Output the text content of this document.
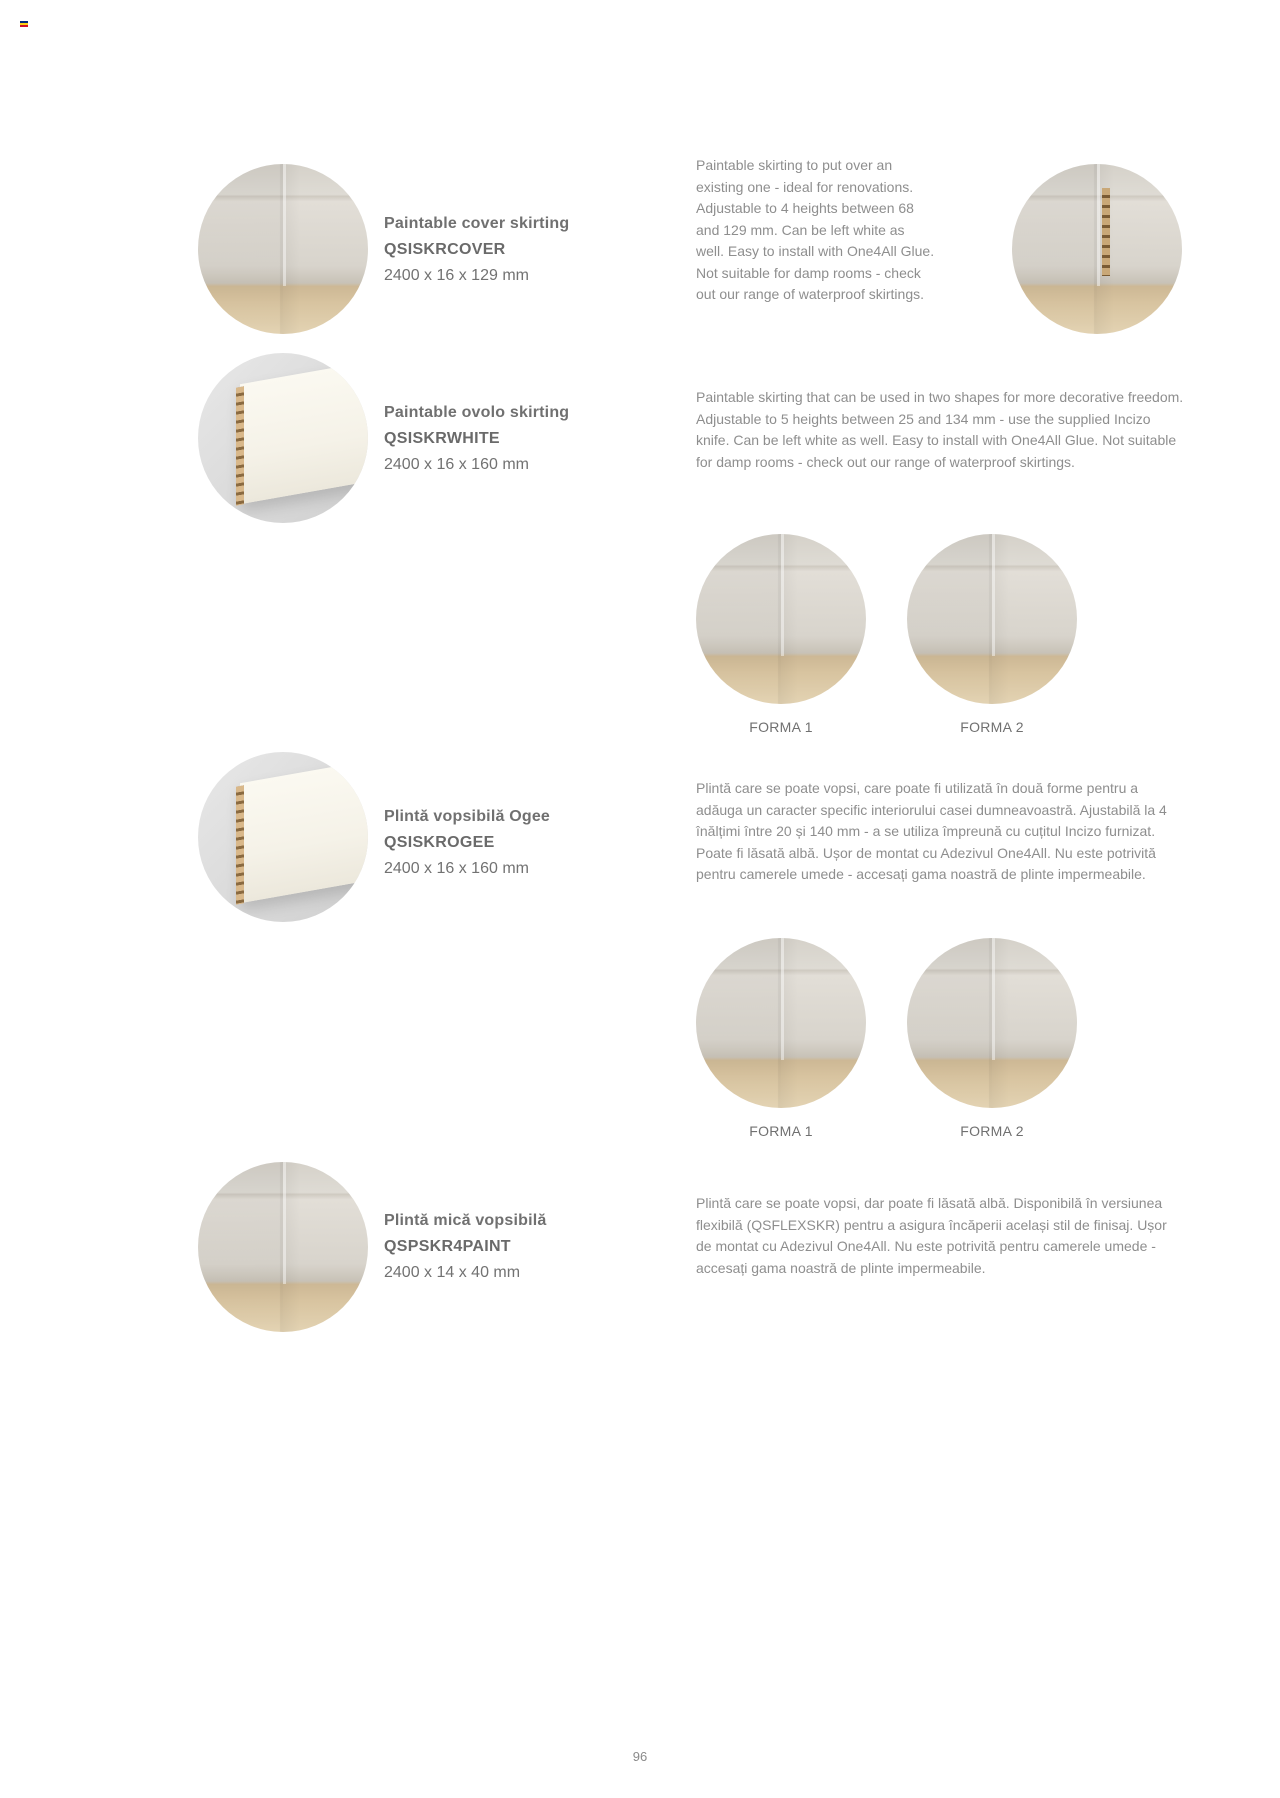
Paintable cover skirting
QSISKRCOVER
2400 x 16 x 129 mm

Paintable skirting to put over an existing one - ideal for renovations. Adjustable to 4 heights between 68 and 129 mm. Can be left white as well. Easy to install with One4All Glue. Not suitable for damp rooms - check out our range of waterproof skirtings.

Paintable ovolo skirting
QSISKRWHITE
2400 x 16 x 160 mm

Paintable skirting that can be used in two shapes for more decorative freedom. Adjustable to 5 heights between 25 and 134 mm - use the supplied Incizo knife. Can be left white as well. Easy to install with One4All Glue. Not suitable for damp rooms - check out our range of waterproof skirtings.

FORMA 1	FORMA 2
Plintă vopsibilă Ogee
QSISKROGEE
2400 x 16 x 160 mm

Plintă care se poate vopsi, care poate fi utilizată în două forme pentru a adăuga un caracter specific interiorului casei dumneavoastră. Ajustabilă la 4 înălțimi între 20 și 140 mm - a se utiliza împreună cu cuțitul Incizo furnizat. Poate fi lăsată albă. Ușor de montat cu Adezivul One4All. Nu este potrivită pentru camerele umede - accesați gama noastră de plinte impermeabile.

FORMA 1	FORMA 2
Plintă mică vopsibilă
QSPSKR4PAINT
2400 x 14 x 40 mm

Plintă care se poate vopsi, dar poate fi lăsată albă. Disponibilă în versiunea flexibilă (QSFLEXSKR) pentru a asigura încăperii același stil de finisaj. Ușor de montat cu Adezivul One4All. Nu este potrivită pentru camerele umede - accesați gama noastră de plinte impermeabile.

96
